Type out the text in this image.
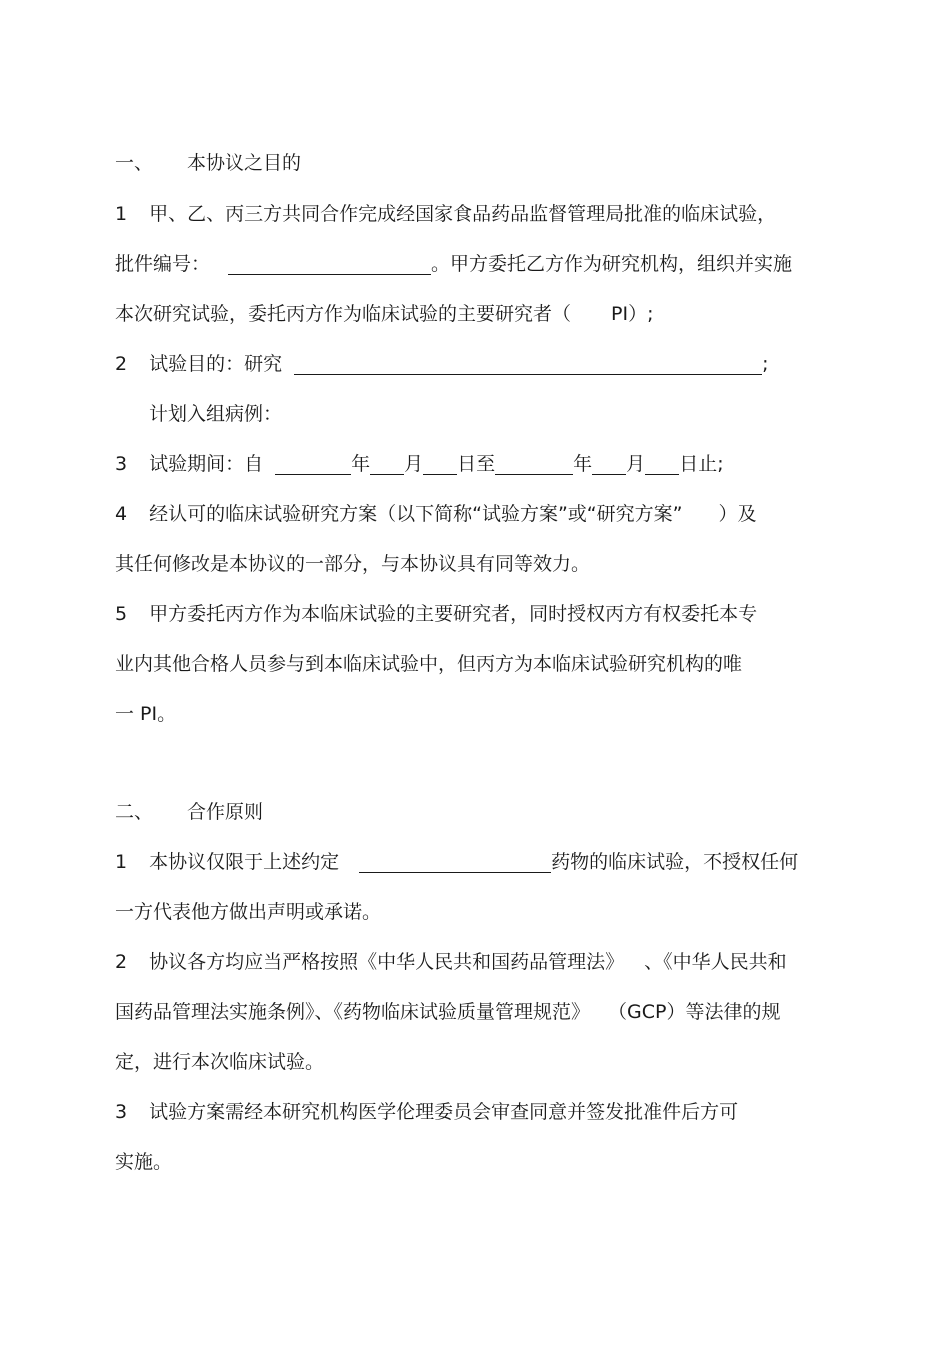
一、 本协议之目的
1 甲、乙、丙三方共同合作完成经国家食品药品监督管理局批准的临床试验，
批件编号：	。甲方委托乙方作为研究机构，组织并实施
本次研究试验，委托丙方作为临床试验的主要研究者（ PI）;
2 试验目的：研究	;
计划入组病例：
3 试验期间：自	年 月 日至	年 月 日止;
4 经认可的临床试验研究方案（以下简称“试验方案”或“研究方案” ）及
其任何修改是本协议的一部分，与本协议具有同等效力。
5 甲方委托丙方作为本临床试验的主要研究者，同时授权丙方有权委托本专
业内其他合格人员参与到本临床试验中，但丙方为本临床试验研究机构的唯
一 PI。
二、 合作原则
1 本协议仅限于上述约定	药物的临床试验，不授权任何
一方代表他方做出声明或承诺。
2 协议各方均应当严格按照《中华人民共和国药品管理法》 、《中华人民共和
国药品管理法实施条例》、《药物临床试验质量管理规范》 （GCP）等法律的规
定，进行本次临床试验。
3 试验方案需经本研究机构医学伦理委员会审查同意并签发批准件后方可
实施。
